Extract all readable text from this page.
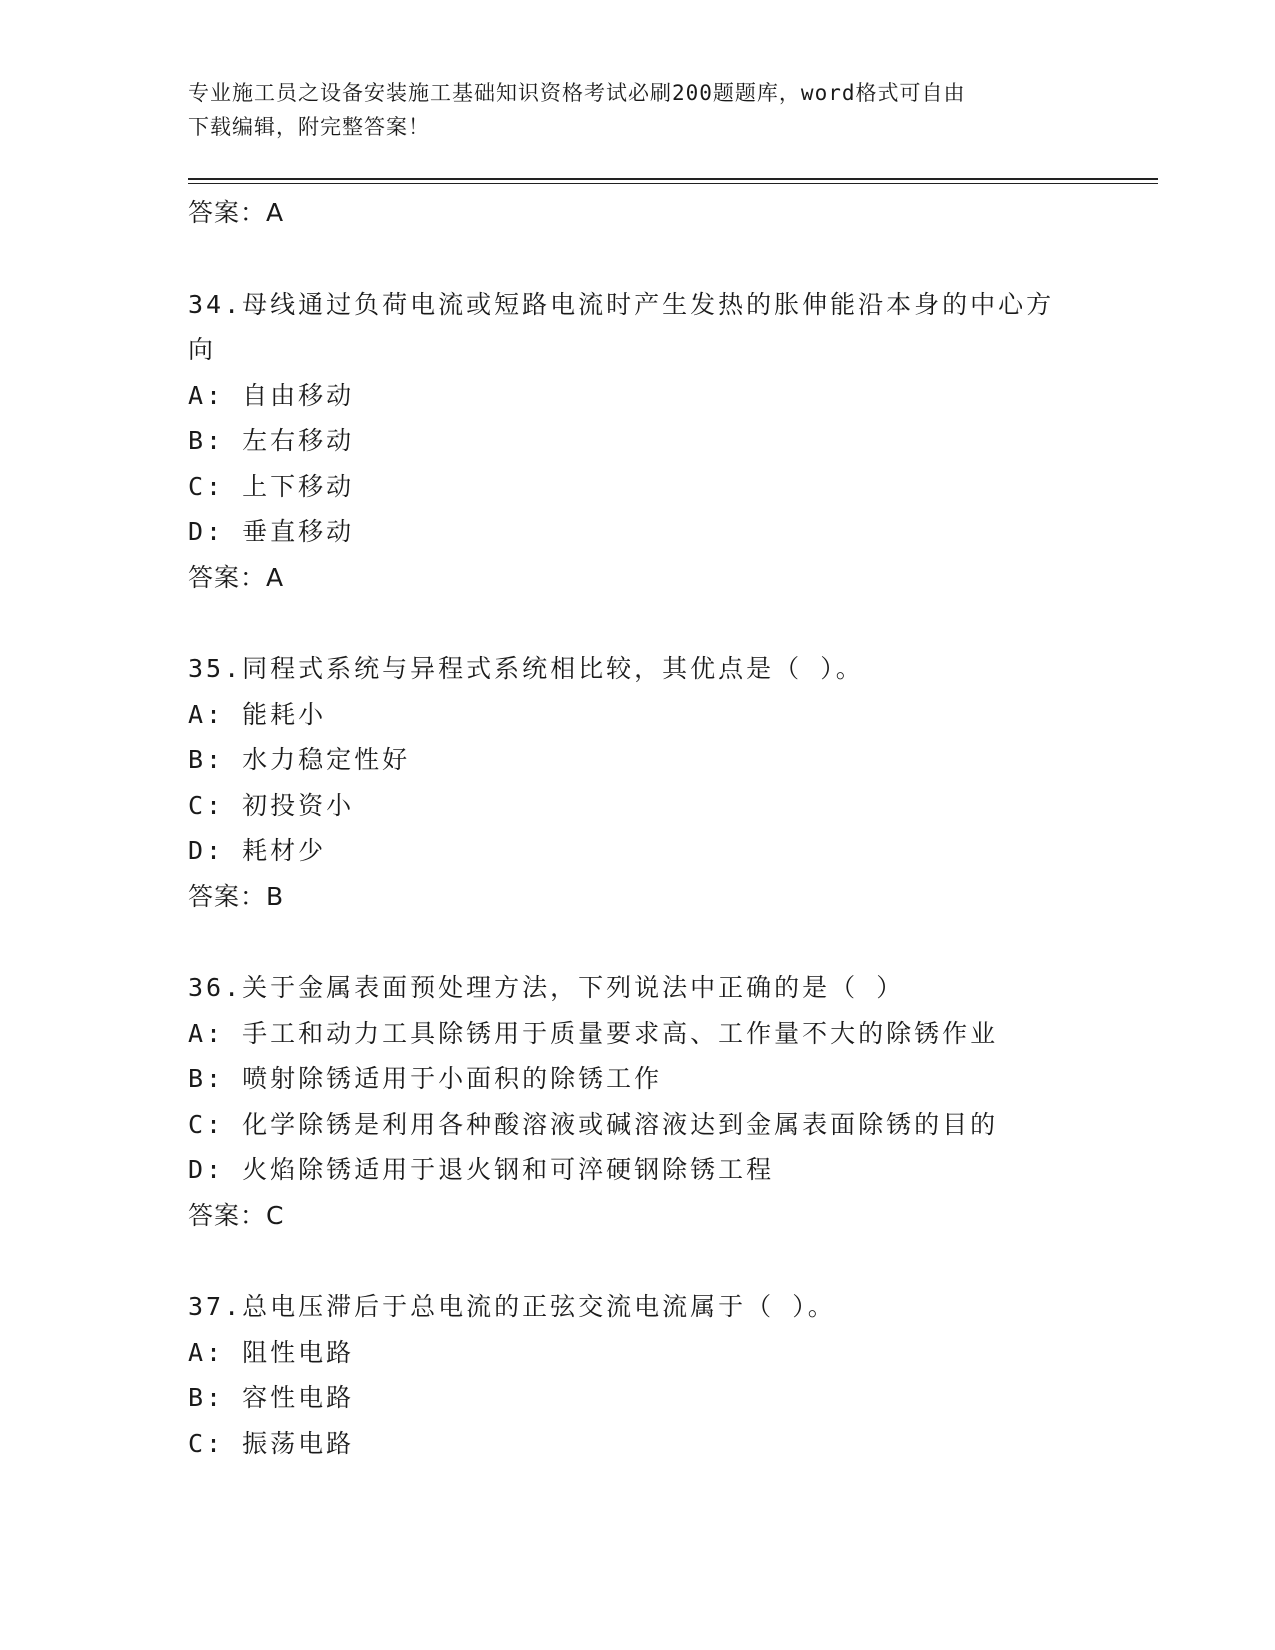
专业施工员之设备安装施工基础知识资格考试必刷200题题库，word格式可自由
下载编辑，附完整答案！
答案：A
34.母线通过负荷电流或短路电流时产生发热的胀伸能沿本身的中心方
向
A: 自由移动
B: 左右移动
C: 上下移动
D: 垂直移动
答案：A
35.同程式系统与异程式系统相比较，其优点是（ ）。
A: 能耗小
B: 水力稳定性好
C: 初投资小
D: 耗材少
答案：B
36.关于金属表面预处理方法，下列说法中正确的是（ ）
A: 手工和动力工具除锈用于质量要求高、工作量不大的除锈作业
B: 喷射除锈适用于小面积的除锈工作
C: 化学除锈是利用各种酸溶液或碱溶液达到金属表面除锈的目的
D: 火焰除锈适用于退火钢和可淬硬钢除锈工程
答案：C
37.总电压滞后于总电流的正弦交流电流属于（ ）。
A: 阻性电路
B: 容性电路
C: 振荡电路
